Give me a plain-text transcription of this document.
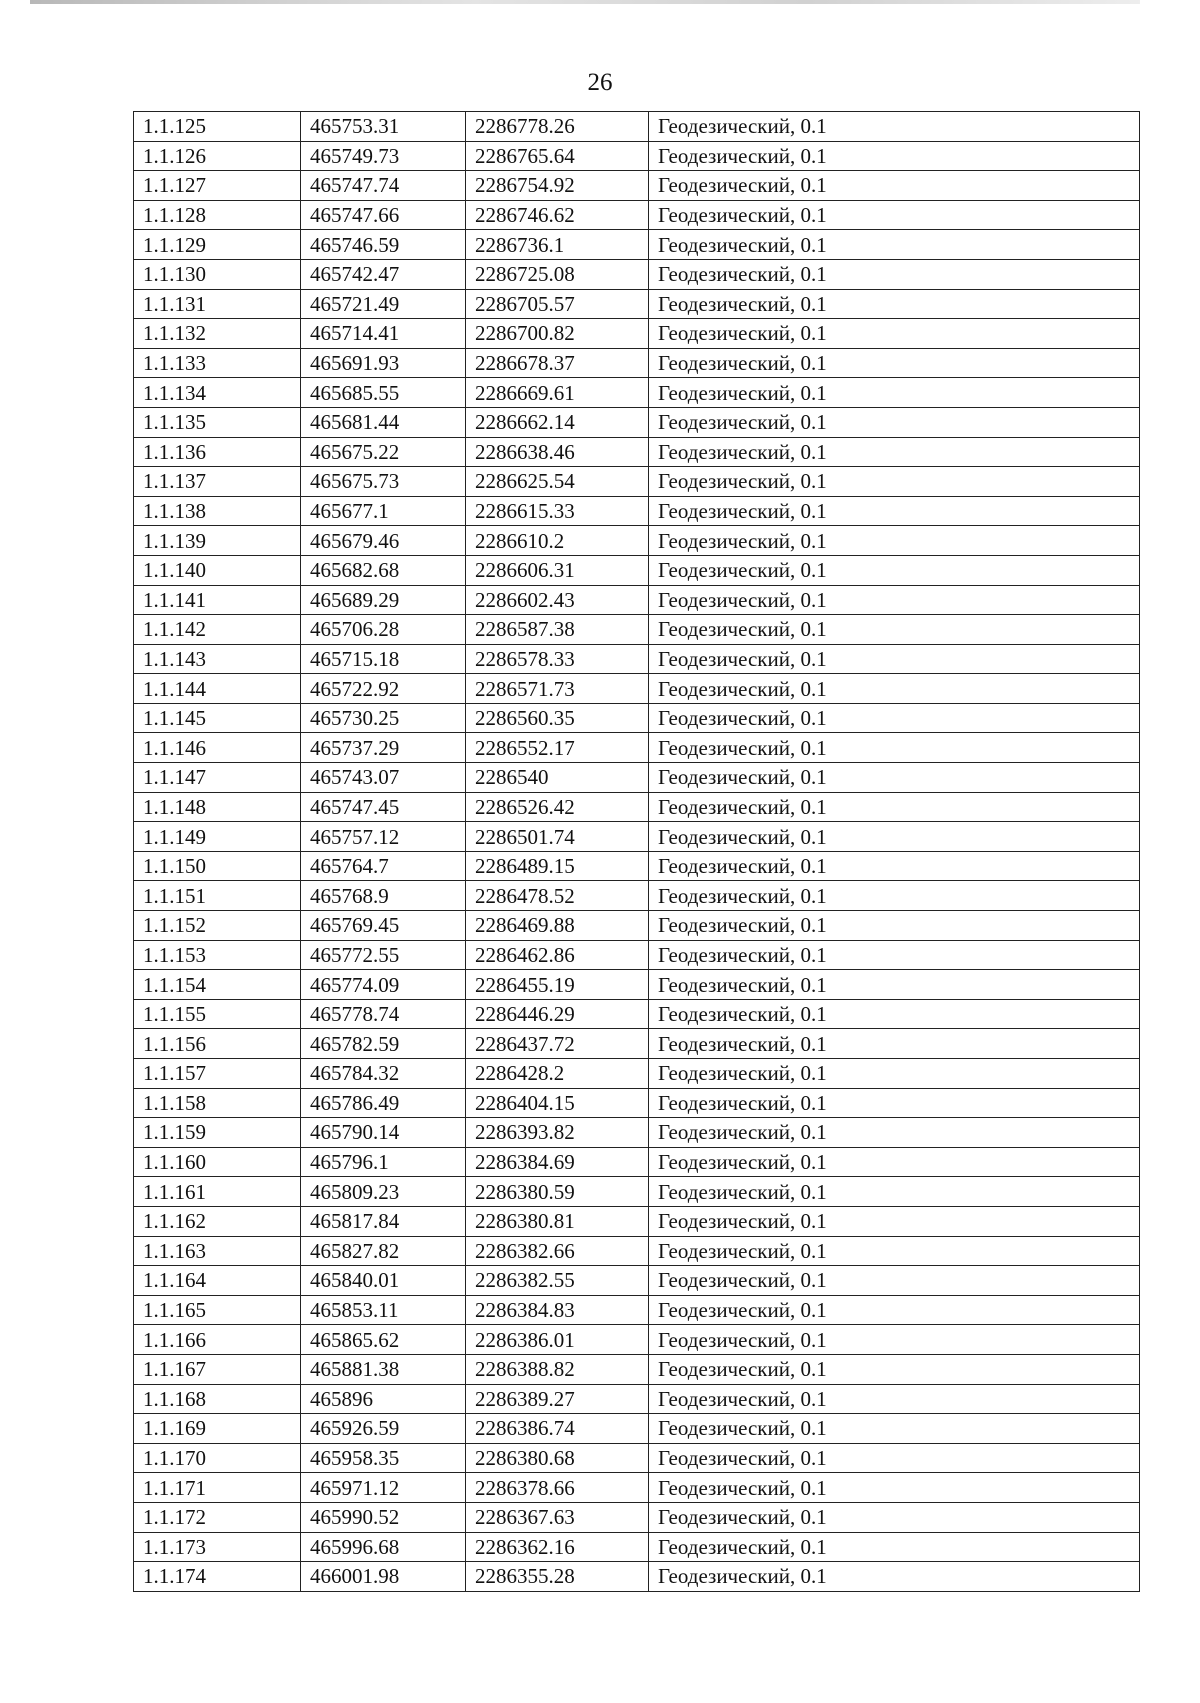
26
1.1.125	465753.31	2286778.26	Геодезический, 0.1
1.1.126	465749.73	2286765.64	Геодезический, 0.1
1.1.127	465747.74	2286754.92	Геодезический, 0.1
1.1.128	465747.66	2286746.62	Геодезический, 0.1
1.1.129	465746.59	2286736.1	Геодезический, 0.1
1.1.130	465742.47	2286725.08	Геодезический, 0.1
1.1.131	465721.49	2286705.57	Геодезический, 0.1
1.1.132	465714.41	2286700.82	Геодезический, 0.1
1.1.133	465691.93	2286678.37	Геодезический, 0.1
1.1.134	465685.55	2286669.61	Геодезический, 0.1
1.1.135	465681.44	2286662.14	Геодезический, 0.1
1.1.136	465675.22	2286638.46	Геодезический, 0.1
1.1.137	465675.73	2286625.54	Геодезический, 0.1
1.1.138	465677.1	2286615.33	Геодезический, 0.1
1.1.139	465679.46	2286610.2	Геодезический, 0.1
1.1.140	465682.68	2286606.31	Геодезический, 0.1
1.1.141	465689.29	2286602.43	Геодезический, 0.1
1.1.142	465706.28	2286587.38	Геодезический, 0.1
1.1.143	465715.18	2286578.33	Геодезический, 0.1
1.1.144	465722.92	2286571.73	Геодезический, 0.1
1.1.145	465730.25	2286560.35	Геодезический, 0.1
1.1.146	465737.29	2286552.17	Геодезический, 0.1
1.1.147	465743.07	2286540	Геодезический, 0.1
1.1.148	465747.45	2286526.42	Геодезический, 0.1
1.1.149	465757.12	2286501.74	Геодезический, 0.1
1.1.150	465764.7	2286489.15	Геодезический, 0.1
1.1.151	465768.9	2286478.52	Геодезический, 0.1
1.1.152	465769.45	2286469.88	Геодезический, 0.1
1.1.153	465772.55	2286462.86	Геодезический, 0.1
1.1.154	465774.09	2286455.19	Геодезический, 0.1
1.1.155	465778.74	2286446.29	Геодезический, 0.1
1.1.156	465782.59	2286437.72	Геодезический, 0.1
1.1.157	465784.32	2286428.2	Геодезический, 0.1
1.1.158	465786.49	2286404.15	Геодезический, 0.1
1.1.159	465790.14	2286393.82	Геодезический, 0.1
1.1.160	465796.1	2286384.69	Геодезический, 0.1
1.1.161	465809.23	2286380.59	Геодезический, 0.1
1.1.162	465817.84	2286380.81	Геодезический, 0.1
1.1.163	465827.82	2286382.66	Геодезический, 0.1
1.1.164	465840.01	2286382.55	Геодезический, 0.1
1.1.165	465853.11	2286384.83	Геодезический, 0.1
1.1.166	465865.62	2286386.01	Геодезический, 0.1
1.1.167	465881.38	2286388.82	Геодезический, 0.1
1.1.168	465896	2286389.27	Геодезический, 0.1
1.1.169	465926.59	2286386.74	Геодезический, 0.1
1.1.170	465958.35	2286380.68	Геодезический, 0.1
1.1.171	465971.12	2286378.66	Геодезический, 0.1
1.1.172	465990.52	2286367.63	Геодезический, 0.1
1.1.173	465996.68	2286362.16	Геодезический, 0.1
1.1.174	466001.98	2286355.28	Геодезический, 0.1
